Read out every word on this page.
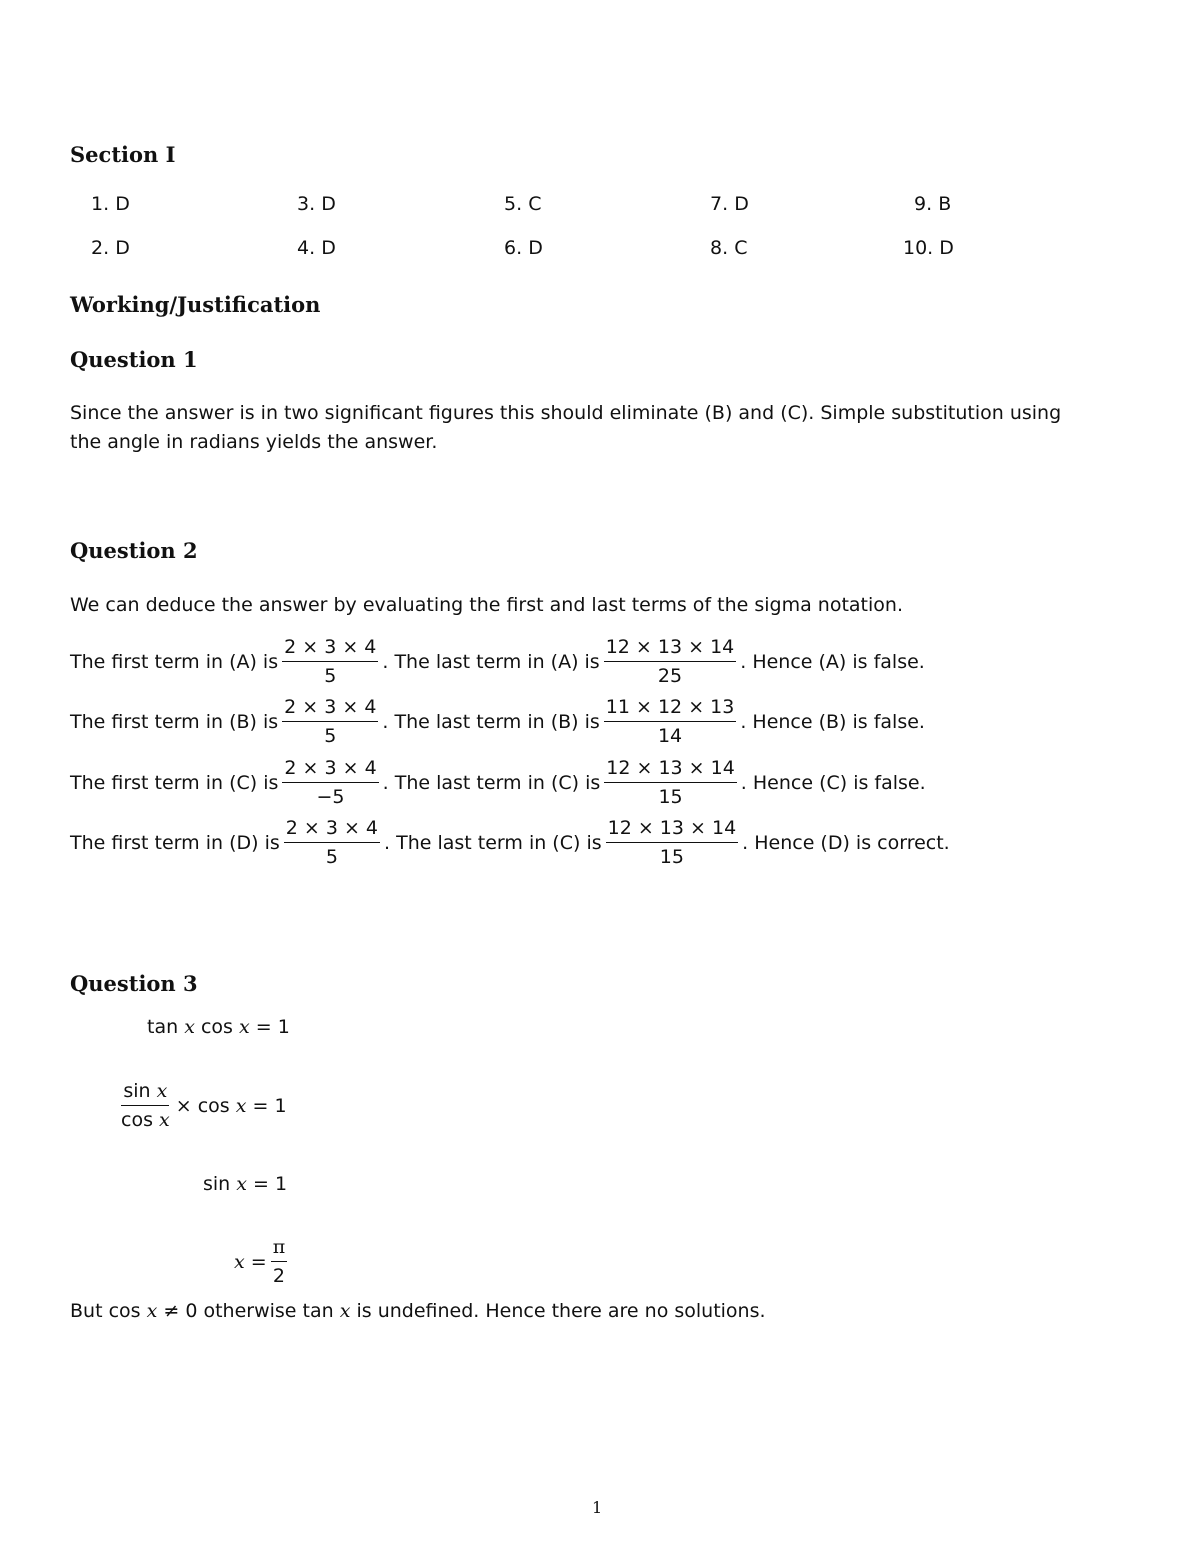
Section I
1. D
2. D
3. D
4. D
5. C
6. D
7. D
8. C
9. B
10. D
Working/Justification
Question 1
Since the answer is in two significant figures this should eliminate (B) and (C). Simple substitution using
the angle in radians yields the answer.
Question 2
We can deduce the answer by evaluating the first and last terms of the sigma notation.
The first term in (A) is $\frac{2 \times 3 \times 4}{5}$ . The last term in (A) is $\frac{12 \times 13 \times 14}{25}$ . Hence (A) is false.
The first term in (B) is $\frac{2 \times 3 \times 4}{5}$ . The last term in (B) is $\frac{11 \times 12 \times 13}{14}$ . Hence (B) is false.
The first term in (C) is $\frac{2 \times 3 \times 4}{-5}$ . The last term in (C) is $\frac{12 \times 13 \times 14}{15}$ . Hence (C) is false.
The first term in (D) is $\frac{2 \times 3 \times 4}{5}$ . The last term in (C) is $\frac{12 \times 13 \times 14}{15}$ . Hence (D) is correct.
Question 3
tan
x
cos
x
= 1
$\frac{\text{sin x}}{\text{cos x}}$ ×
cos
x
= 1
sin
x
= 1
x
= $\frac{\pi}{2}$
But cos x ≠ 0 otherwise tan x is undefined. Hence there are no solutions.
1
